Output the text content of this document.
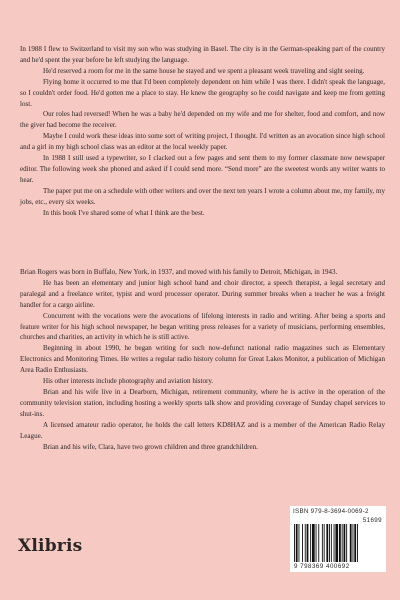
In 1988 I flew to Switzerland to visit my son who was studying in Basel. The city is in the German-speaking part of the country and he'd spent the year before he left studying the language.

He'd reserved a room for me in the same house he stayed and we spent a pleasant week traveling and sight seeing.

Flying home it occurred to me that I'd been completely dependent on him while I was there. I didn't speak the language, so I couldn't order food. He'd gotten me a place to stay. He knew the geography so he could navigate and keep me from getting lost.

Our roles had reversed! When he was a baby he'd depended on my wife and me for shelter, food and comfort, and now the giver had become the receiver.

Maybe I could work these ideas into some sort of writing project, I thought. I'd written as an avocation since high school and a girl in my high school class was an editor at the local weekly paper.

In 1988 I still used a typewriter, so I clacked out a few pages and sent them to my former classmate now newspaper editor. The following week she phoned and asked if I could send more. “Send more” are the sweetest words any writer wants to hear.

The paper put me on a schedule with other writers and over the next ten years I wrote a column about me, my family, my jobs, etc., every six weeks.

In this book I've shared some of what I think are the best.

Brian Rogers was born in Buffalo, New York, in 1937, and moved with his family to Detroit, Michigan, in 1943.

He has been an elementary and junior high school band and choir director, a speech therapist, a legal secretary and paralegal and a freelance writer, typist and word processor operator. During summer breaks when a teacher he was a freight handler for a cargo airline.

Concurrent with the vocations were the avocations of lifelong interests in radio and writing. After being a sports and feature writer for his high school newspaper, he began writing press releases for a variety of musicians, performing ensembles, churches and charities, an activity in which he is still active.

Beginning in about 1990, he began writing for such now-defunct national radio magazines such as Elementary Electronics and Monitoring Times. He writes a regular radio history column for Great Lakes Monitor, a publication of Michigan Area Radio Enthusiasts.

His other interests include photography and aviation history.

Brian and his wife live in a Dearborn, Michigan, retirement community, where he is active in the operation of the community television station, including hosting a weekly sports talk show and providing coverage of Sunday chapel services to shut-ins.

A licensed amateur radio operator, he holds the call letters KD8HAZ and is a member of the American Radio Relay League.

Brian and his wife, Clara, have two grown children and three grandchildren.

Xlibris
ISBN 979-8-3694-0069-2
51699
9 798369 400692
